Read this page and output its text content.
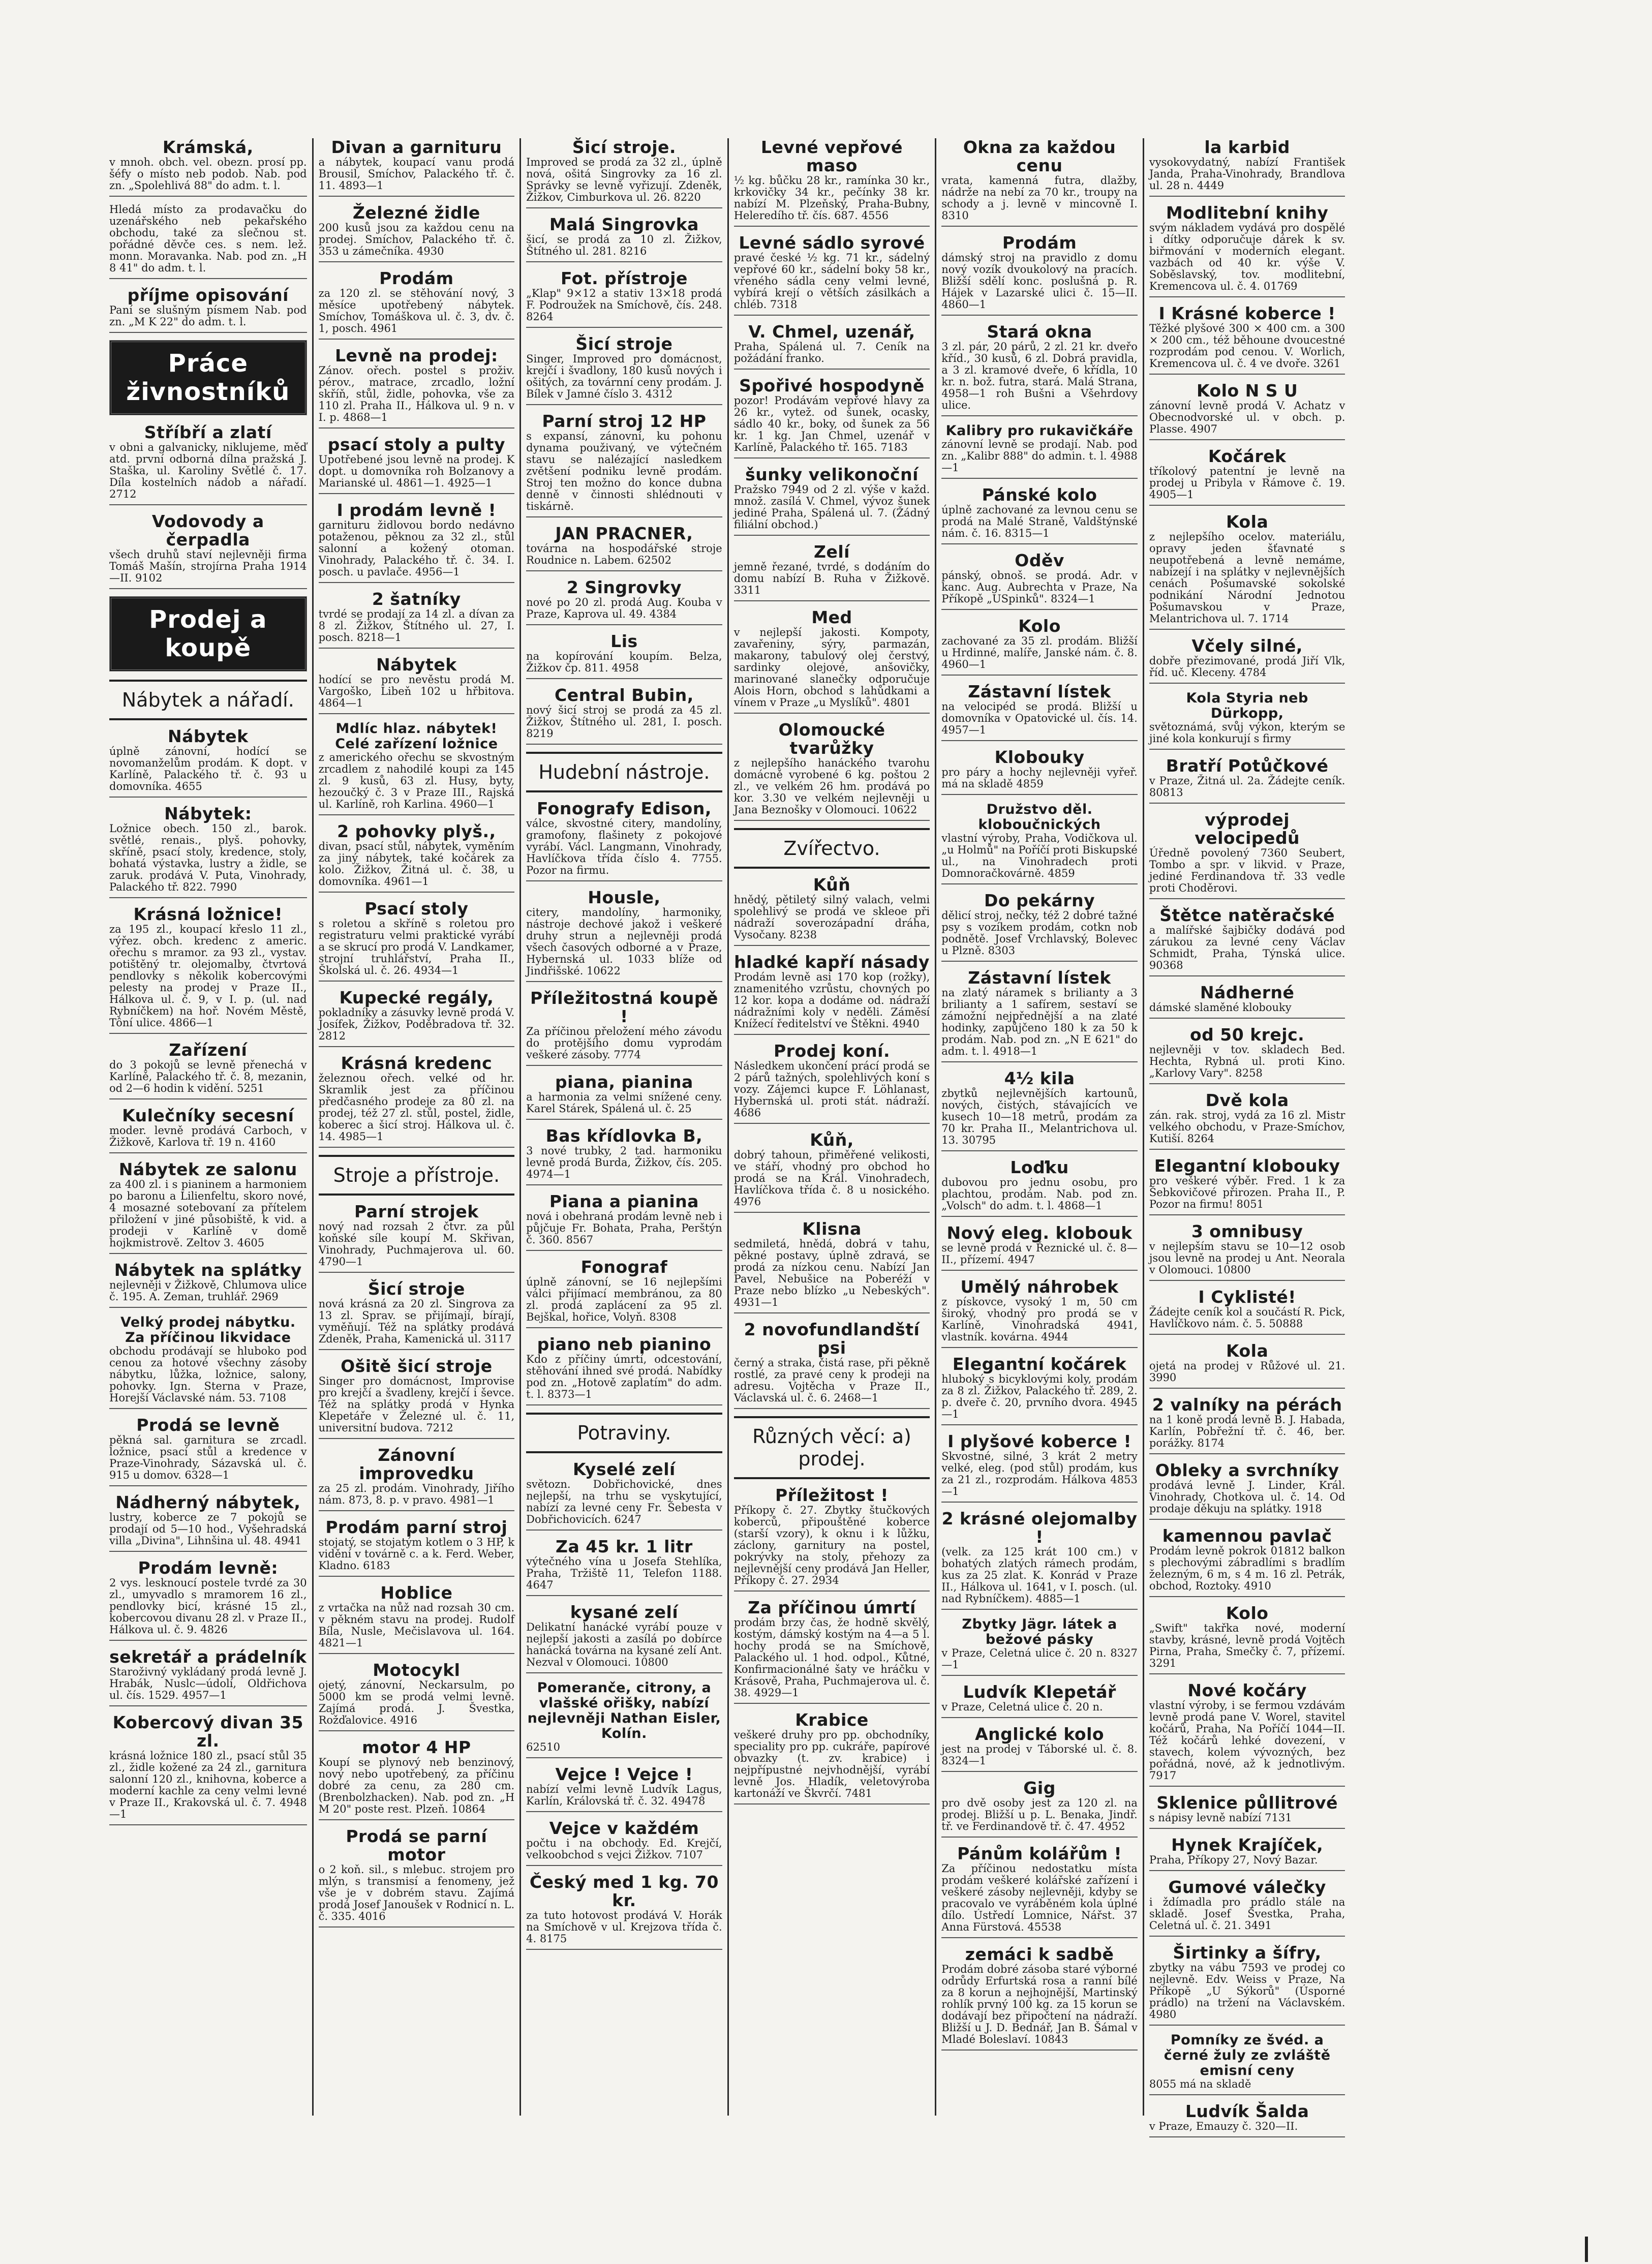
Krámská,
v mnoh. obch. vel. obezn. prosí pp. šéfy o místo neb podob. Nab. pod zn. „Spolehlivá 88" do adm. t. l.
Hledá místo za prodavačku do uzenářského neb pekařského obchodu, také za slečnou st. pořádné děvče ces. s nem. lež. monn. Moravanka. Nab. pod zn. „H 8 41" do adm. t. l.
příjme opisování
Paní se slušným písmem Nab. pod zn. „M K 22" do adm. t. l.
Práce živnostníků
Stříbří a zlatí
v obni a galvanicky, niklujeme, měď atd. první odborná dílna pražská J. Staška, ul. Karoliny Světlé č. 17. Díla kostelních nádob a nářadí. 2712
Vodovody a čerpadla
všech druhů staví nejlevněji firma Tomáš Mašín, strojírna Praha 1914—II. 9102
Prodej a koupě
Nábytek a nářadí.
Nábytek
úplně zánovní, hodící se novomanželům prodám. K dopt. v Karlíně, Palackého tř. č. 93 u domovníka. 4655
Nábytek:
Ložnice obech. 150 zl., barok. světlé, renais., plyš. pohovky, skříně, psací stoly, kredence, stoly, bohatá výstavka, lustry a židle, se zaruk. prodává V. Puta, Vinohrady, Palackého tř. 822. 7990
Krásná ložnice!
za 195 zl., koupací křeslo 11 zl., výřez. obch. kredenc z americ. ořechu s mramor. za 93 zl., vystav. potištěný tr. olejomalby, čtvrtová pendlovky s několik kobercovými pelesty na prodej v Praze II., Hálkova ul. č. 9, v I. p. (ul. nad Rybníčkem) na hoř. Novém Městě, Tôní ulice. 4866—1
Zařízení
do 3 pokojů se levně přenechá v Karlíně, Palackého tř. č. 8, mezanin, od 2—6 hodin k vidění. 5251
Kulečníky secesní
moder. levně prodává Carboch, v Žižkově, Karlova tř. 19 n. 4160
Nábytek ze salonu
za 400 zl. i s pianinem a harmoniem po baronu a Lilienfeltu, skoro nové, 4 mosazné sotebovaní za přítelem přiložení v jiné působiště, k vid. a prodeji v Karlíně v domě hojkmistrově. Zeltov 3. 4605
Nábytek na splátky
nejlevněji v Žižkově, Chlumova ulice č. 195. A. Zeman, truhlář. 2969
Velký prodej nábytku. Za příčinou likvidace
obchodu prodávají se hluboko pod cenou za hotové všechny zásoby nábytku, lůžka, ložnice, salony, pohovky. Ign. Sterna v Praze, Horejší Václavské nám. 53. 7108
Prodá se levně
pěkná sal. garnitura se zrcadl. ložnice, psací stůl a kredence v Praze-Vinohrady, Sázavská ul. č. 915 u domov. 6328—1
Nádherný nábytek,
lustry, koberce ze 7 pokojů se prodají od 5—10 hod., Vyšehradská villa „Divina", Lihnšina ul. 48. 4941
Prodám levně:
2 vys. lesknoucí postele tvrdé za 30 zl., umyvadlo s mramorem 16 zl., pendlovky bicí, krásné 15 zl., kobercovou divanu 28 zl. v Praze II., Hálkova ul. č. 9. 4826
sekretář a prádelník
Staroživný vykládaný prodá levně J. Hrabák, Nuslc—údolí, Oldřichova ul. čís. 1529. 4957—1
Kobercový divan 35 zl.
krásná ložnice 180 zl., psací stůl 35 zl., židle kožené za 24 zl., garnitura salonní 120 zl., knihovna, koberce a moderní kachle za ceny velmi levné v Praze II., Krakovská ul. č. 7. 4948—1
Divan a garnituru
a nábytek, koupací vanu prodá Brousil, Smíchov, Palackého tř. č. 11. 4893—1
Železné židle
200 kusů jsou za každou cenu na prodej. Smíchov, Palackého tř. č. 353 u zámečníka. 4930
Prodám
za 120 zl. se stěhování nový, 3 měsíce upotřebený nábytek. Smíchov, Tomáškova ul. č. 3, dv. č. 1, posch. 4961
Levně na prodej:
Zánov. ořech. postel s proživ. pérov., matrace, zrcadlo, ložní skříň, stůl, židle, pohovka, vše za 110 zl. Praha II., Hálkova ul. 9 n. v I. p. 4868—1
psací stoly a pulty
Upotřebené jsou levně na prodej. K dopt. u domovníka roh Bolzanovy a Marianské ul. 4861—1. 4925—1
I prodám levně !
garnituru židlovou bordo nedávno potaženou, pěknou za 32 zl., stůl salonní a kožený otoman. Vinohrady, Palackého tř. č. 34. I. posch. u pavlače. 4956—1
2 šatníky
tvrdé se prodají za 14 zl. a dívan za 8 zl. Žižkov, Štítného ul. 27, I. posch. 8218—1
Nábytek
hodící se pro nevěstu prodá M. Vargoško, Libeň 102 u hřbitova. 4864—1
Mdlíc hlaz. nábytek! Celé zařízení ložnice
z amerického ořechu se skvostným zrcadlem z nahodilé koupi za 145 zl. 9 kusů, 63 zl. Husy, byty, hezoučký č. 3 v Praze III., Rajská ul. Karlíně, roh Karlina. 4960—1
2 pohovky plyš.,
divan, psací stůl, nábytek, vyměním za jiný nábytek, také kočárek za kolo. Žižkov, Žitná ul. č. 38, u domovníka. 4961—1
Psací stoly
s roletou a skříně s roletou pro registraturu velmi praktické vyrábí a se skrucí pro prodá V. Landkamer, strojní truhlářství, Praha II., Školská ul. č. 26. 4934—1
Kupecké regály,
pokladníky a zásuvky levně prodá V. Josífek, Žižkov, Poděbradova tř. 32. 2812
Krásná kredenc
železnou ořech. velké od hr. Skramlik jest za příčinou předčasného prodeje za 80 zl. na prodej, též 27 zl. stůl, postel, židle, koberec a šicí stroj. Hálkova ul. č. 14. 4985—1
Stroje a přístroje.
Parní strojek
nový nad rozsah 2 čtvr. za půl koňské síle koupí M. Skřivan, Vinohrady, Puchmajerova ul. 60. 4790—1
Šicí stroje
nová krásná za 20 zl. Singrova za 13 zl. Sprav. se přijímají, bírají, vyměňují. Též na splátky prodává Zdeněk, Praha, Kamenická ul. 3117
Ošitě šicí stroje
Singer pro domácnost, Improvise pro krejčí a švadleny, krejčí i ševce. Též na splátky prodá v Hynka Klepetáře v Železné ul. č. 11, universitní budova. 7212
Zánovní improvedku
za 25 zl. prodám. Vinohrady, Jiřího nám. 873, 8. p. v pravo. 4981—1
Prodám parní stroj
stojatý, se stojatým kotlem o 3 HP, k vidění v továrně c. a k. Ferd. Weber, Kladno. 6183
Hoblice
z vrtačka na nůž nad rozsah 30 cm. v pěkném stavu na prodej. Rudolf Bíla, Nusle, Mečislavova ul. 164. 4821—1
Motocykl
ojetý, zánovní, Neckarsulm, po 5000 km se prodá velmi levně. Zajímá prodá. J. Švestka, Rožďalovice. 4916
motor 4 HP
Koupí se plynový neb benzinový, nový nebo upotřebený, za příčinu dobré za cenu, za 280 cm. (Brenbolzhacken). Nab. pod zn. „H M 20" poste rest. Plzeň. 10864
Prodá se parní motor
o 2 koň. sil., s mlebuc. strojem pro mlýn, s transmisí a fenomeny, jež vše je v dobrém stavu. Zajímá prodá Josef Janoušek v Rodnicí n. L. č. 335. 4016
Šicí stroje.
Improved se prodá za 32 zl., úplně nová, ošitá Singrovky za 16 zl. Správky se levně vyřizují. Zdeněk, Žižkov, Cimburkova ul. 26. 8220
Malá Singrovka
šicí, se prodá za 10 zl. Žižkov, Štítného ul. 281. 8216
Fot. přístroje
„Klap" 9×12 a stativ 13×18 prodá F. Podroužek na Smíchově, čís. 248. 8264
Šicí stroje
Singer, Improved pro domácnost, krejčí i švadlony, 180 kusů nových i ošitých, za továrnní ceny prodám. J. Bílek v Jamné číslo 3. 4312
Parní stroj 12 HP
s expansí, zánovní, ku pohonu dynama použivaný, ve výtečném stavu se nalézající nasledkem zvětšení podniku levně prodám. Stroj ten možno do konce dubna denně v činnosti shlédnouti v tiskárně.
JAN PRACNER,
továrna na hospodářské stroje Roudnice n. Labem. 62502
2 Singrovky
nové po 20 zl. prodá Aug. Kouba v Praze, Kaprova ul. 49. 4384
Lis
na kopírování koupím. Belza, Žižkov čp. 811. 4958
Central Bubin,
nový šicí stroj se prodá za 45 zl. Žižkov, Štítného ul. 281, I. posch. 8219
Hudební nástroje.
Fonografy Edison,
válce, skvostné citery, mandolíny, gramofony, flašinety z pokojové vyrábí. Václ. Langmann, Vinohrady, Havlíčkova třída číslo 4. 7755. Pozor na firmu.
Housle,
citery, mandolíny, harmoniky, nástroje dechové jakož i veškeré druhy strun a nejlevněji prodá všech časových odborné a v Praze, Hybernská ul. 1033 blíže od Jindřišské. 10622
Příležitostná koupě !
Za příčinou přeložení mého závodu do protějšího domu vyprodám veškeré zásoby. 7774
piana, pianina
a harmonia za velmi snížené ceny. Karel Stárek, Spálená ul. č. 25
Bas křídlovka B,
3 nové trubky, 2 tad. harmoniku levně prodá Burda, Žižkov, čís. 205. 4974—1
Piana a pianina
nová i obehraná prodám levně neb i půjčuje Fr. Bohata, Praha, Perštýn č. 360. 8567
Fonograf
úplně zánovní, se 16 nejlepšími válci přijímací membránou, za 80 zl. prodá zaplácení za 95 zl. Bejškal, hořice, Volyň. 8308
piano neb pianino
Kdo z příčiny úmrtí, odcestování, stěhování ihned své prodá. Nabídky pod zn. „Hotově zaplatím" do adm. t. l. 8373—1
Potraviny.
Kyselé zelí
světozn. Dobřichovické, dnes nejlepší, na trhu se vyskytující, nabízí za levné ceny Fr. Šebesta v Dobřichovicích. 6247
Za 45 kr. 1 litr
výtečného vína u Josefa Stehlíka, Praha, Tržiště 11, Telefon 1188. 4647
kysané zelí
Delikatní hanácké vyrábí pouze v nejlepší jakosti a zasílá po dobírce hanácká továrna na kysané zelí Ant. Nezval v Olomouci. 10800
Pomeranče, citrony, a vlašské ořišky, nabízí nejlevněji Nathan Eisler, Kolín.
62510
Vejce ! Vejce !
nabízí velmi levně Ludvík Lagus, Karlín, Královská tř. č. 32. 49478
Vejce v každém
počtu i na obchody. Ed. Krejčí, velkoobchod s vejci Žižkov. 7107
Český med 1 kg. 70 kr.
za tuto hotovost prodává V. Horák na Smíchově v ul. Krejzova třída č. 4. 8175
Levné vepřové maso
½ kg. bůčku 28 kr., ramínka 30 kr., krkovičky 34 kr., pečínky 38 kr. nabízí M. Plzeňský, Praha-Bubny, Heleredího tř. čís. 687. 4556
Levné sádlo syrové
pravé české ½ kg. 71 kr., sádelný vepřové 60 kr., sádelní boky 58 kr., vřeného sádla ceny velmi levné, vybírá krejí o větších zásilkách a chléb. 7318
V. Chmel, uzenář,
Praha, Spálená ul. 7. Ceník na požádání franko.
Spořivé hospodyně
pozor! Prodávám vepřové hlavy za 26 kr., vytež. od šunek, ocasky, sádlo 40 kr., boky, od šunek za 56 kr. 1 kg. Jan Chmel, uzenář v Karlíně, Palackého tř. 165. 7183
šunky velikonoční
Pražsko 7949 od 2 zl. výše v každ. množ. zasílá V. Chmel, vývoz šunek jediné Praha, Spálená ul. 7. (Žádný filiální obchod.)
Zelí
jemně řezané, tvrdé, s dodáním do domu nabízí B. Ruha v Žižkově. 3311
Med
v nejlepší jakosti. Kompoty, zavařeniny, sýry, parmazán, makarony, tabulový olej čerstvý, sardinky olejové, anšovičky, marinované slanečky odporučuje Alois Horn, obchod s lahůdkami a vínem v Praze „u Myslíků". 4801
Olomoucké tvarůžky
z nejlepšího hanáckého tvarohu domácně vyrobené 6 kg. poštou 2 zl., ve velkém 26 hm. prodává po kor. 3.30 ve velkém nejlevněji u Jana Beznošky v Olomouci. 10622
Zvířectvo.
Kůň
hnědý, pětiletý silný valach, velmi spolehlivý se prodá ve skleoe při nádraží soverozápadní dráha, Vysočany. 8238
hladké kapří násady
Prodám levně asi 170 kop (rožky), znamenitého vzrůstu, chovných po 12 kor. kopa a dodáme od. nádraží nádražními koly v neděli. Záměsí Knížecí ředitelství ve Štěkni. 4940
Prodej koní.
Následkem ukončení prácí prodá se 2 párů tažných, spolehlivých koní s vozy. Zájemci kupce F. Löhlanast, Hybernská ul. proti stát. nádraží. 4686
Kůň,
dobrý tahoun, přiměřené velikosti, ve stáří, vhodný pro obchod ho prodá se na Král. Vinohradech, Havlíčkova třída č. 8 u nosického. 4976
Klisna
sedmiletá, hnědá, dobrá v tahu, pěkné postavy, úplně zdravá, se prodá za nízkou cenu. Nabízí Jan Pavel, Nebušice na Poberéží v Praze nebo blízko „u Nebeských". 4931—1
2 novofundlandští psi
černý a straka, čistá rase, při pěkně rostlé, za pravé ceny k prodeji na adresu. Vojtěcha v Praze II., Václavská ul. č. 6. 2468—1
Různých věcí: a) prodej.
Příležitost !
Příkopy č. 27. Zbytky štučkových koberců, připouštěné koberce (starší vzory), k oknu i k lůžku, záclony, garnitury na postel, pokrývky na stoly, přehozy za nejlevnější ceny prodává Jan Heller, Příkopy č. 27. 2934
Za příčinou úmrtí
prodám brzy čas, že hodně skvělý, kostým, dámský kostým na 4—a 5 l. hochy prodá se na Smíchově, Palackého ul. 1 hod. odpol., Kůtné, Konfirmacionálné šaty ve hráčku v Krásově, Praha, Puchmajerova ul. č. 38. 4929—1
Krabice
veškeré druhy pro pp. obchodníky, speciality pro pp. cukráře, papírové obvazky (t. zv. krabice) i nejpřípustné nejvhodnější, vyrábí levně Jos. Hladík, veletovýroba kartonáží ve Škvrčí. 7481
Okna za každou cenu
vrata, kamenná futra, dlažby, nádrže na nebí za 70 kr., troupy na schody a j. levně v mincovně I. 8310
Prodám
dámský stroj na pravidlo z domu nový vozík dvoukolový na pracích. Bližší sdělí konc. poslušná p. R. Hájek v Lazarské ulici č. 15—II. 4860—1
Stará okna
3 zl. pár, 20 párů, 2 zl. 21 kr. dveřo kříd., 30 kusů, 6 zl. Dobrá pravidla, a 3 zl. kramové dveře, 6 křídla, 10 kr. n. bož. futra, stará. Malá Strana, 4958—1 roh Bušni a Všehrdovy ulice.
Kalibry pro rukavičkáře
zánovní levně se prodají. Nab. pod zn. „Kalibr 888" do admin. t. l. 4988—1
Pánské kolo
úplně zachované za levnou cenu se prodá na Malé Straně, Valdštýnské nám. č. 16. 8315—1
Oděv
pánský, obnoš. se prodá. Adr. v kanc. Aug. Aubrechta v Praze, Na Příkopě „USpinků". 8324—1
Kolo
zachované za 35 zl. prodám. Bližší u Hrdinné, malíře, Janské nám. č. 8. 4960—1
Zástavní lístek
na velocipéd se prodá. Bližší u domovníka v Opatovické ul. čís. 14. 4957—1
Klobouky
pro páry a hochy nejlevněji vyřeř. má na skladě 4859
Družstvo děl. kloboučnických
vlastní výroby, Praha, Vodičkova ul. „u Holmů" na Poříčí proti Biskupské ul., na Vinohradech proti Domnoračkovárně. 4859
Do pekárny
dělicí stroj, nečky, též 2 dobré tažné psy s vozíkem prodám, cotkn nob podnětě. Josef Vrchlavský, Bolevec u Plzně. 8303
Zástavní lístek
na zlatý náramek s brilianty a 3 brilianty a 1 safírem, sestaví se zámožní nejpřednější a na zlaté hodinky, zapůjčeno 180 k za 50 k prodám. Nab. pod zn. „N E 621" do adm. t. l. 4918—1
4½ kila
zbytků nejlevnějších kartounů, nových, čistých, stávajících ve kusech 10—18 metrů, prodám za 70 kr. Praha II., Melantrichova ul. 13. 30795
Loďku
dubovou pro jednu osobu, pro plachtou, prodám. Nab. pod zn. „Volsch" do adm. t. l. 4868—1
Nový eleg. klobouk
se levně prodá v Řeznické ul. č. 8—II., přízemí. 4947
Umělý náhrobek
z pískovce, vysoký 1 m, 50 cm široký, vhodný pro prodá se v Karlíně, Vinohradská 4941, vlastník. kovárna. 4944
Elegantní kočárek
hluboký s bicyklovými koly, prodám za 8 zl. Žižkov, Palackého tř. 289, 2. p. dveře č. 20, prvního dvora. 4945—1
I plyšové koberce !
Skvostné, silné, 3 krát 2 metry velké, eleg. (pod stůl) prodám, kus za 21 zl., rozprodám. Hálkova 4853—1
2 krásné olejomalby !
(velk. za 125 krát 100 cm.) v bohatých zlatých rámech prodám, kus za 25 zlat. K. Konrád v Praze II., Hálkova ul. 1641, v I. posch. (ul. nad Rybníčkem). 4885—1
Zbytky Jägr. látek a bežové pásky
v Praze, Celetná ulice č. 20 n. 8327—1
Ludvík Klepetář
v Praze, Celetná ulice č. 20 n.
Anglické kolo
jest na prodej v Táborské ul. č. 8. 8324—1
Gig
pro dvě osoby jest za 120 zl. na prodej. Bližší u p. L. Benaka, Jindř. tř. ve Ferdinandově tř. č. 47. 4952
Pánům kolářům !
Za příčinou nedostatku místa prodám veškeré kolářské zařízení i veškeré zásoby nejlevněji, kdyby se pracovalo ve vyráběném kola úplné dílo. Ústředí Lomnice, Nářst. 37 Anna Fürstová. 45538
zemáci k sadbě
Prodám dobré zásoba staré výborné odrůdy Erfurtská rosa a ranní bílé za 8 korun a nejhojnější, Martinský rohlík prvný 100 kg. za 15 korun se dodávají bez připočtení na nádraží. Bližší u J. D. Bednář, Jan B. Šámal v Mladé Boleslaví. 10843
la karbid
vysokovydatný, nabízí František Janda, Praha-Vinohrady, Brandlova ul. 28 n. 4449
Modlitební knihy
svým nákladem vydává pro dospělé i dítky odporučuje dárek k sv. biřmování v moderních elegant. vazbách od 40 kr. výše V. Soběslavský, tov. modlitební, Kremencova ul. č. 4. 01769
I Krásné koberce !
Těžké plyšové 300 × 400 cm. a 300 × 200 cm., též běhoune dvoucestné rozprodám pod cenou. V. Worlich, Kremencova ul. č. 4 ve dvoře. 3261
Kolo N S U
zánovní levně prodá V. Achatz v Obecnodvorské ul. v obch. p. Plasse. 4907
Kočárek
tříkolový patentní je levně na prodej u Pribyla v Rámove č. 19. 4905—1
Kola
z nejlepšího ocelov. materiálu, opravy jeden šťavnaté s neupotřebená a levně nemáme, nabízejí i na splátky v nejlevnějších cenách Pošumavské sokolské podnikání Národní Jednotou Pošumavskou v Praze, Melantrichova ul. 7. 1714
Včely silné,
dobře přezimované, prodá Jiří Vlk, říd. uč. Kleceny. 4784
Kola Styria neb Dürkopp,
světoznámá, svůj výkon, kterým se jiné kola konkurují s firmy
Bratří Potůčkové
v Praze, Žitná ul. 2a. Žádejte ceník. 80813
výprodej velocipedů
Úředně povolený 7360 Seubert, Tombo a spr. v likvid. v Praze, jediné Ferdinandova tř. 33 vedle proti Choděrovi.
Štětce natěračské
a malířské šajbičky dodává pod zárukou za levné ceny Václav Schmidt, Praha, Týnská ulice. 90368
Nádherné
dámské slaměné klobouky
od 50 krejc.
nejlevněji v tov. skladech Bed. Hechta, Rybná ul. proti Kino. „Karlovy Vary". 8258
Dvě kola
zán. rak. stroj, vydá za 16 zl. Mistr velkého obchodu, v Praze-Smíchov, Kutiší. 8264
Elegantní klobouky
pro veškeré výběr. Fred. 1 k za Šebkovičové přirozen. Praha II., P. Pozor na firmu! 8051
3 omnibusy
v nejlepším stavu se 10—12 osob jsou levně na prodej u Ant. Neorala v Olomouci. 10800
I Cyklisté!
Žádejte ceník kol a součástí R. Pick, Havlíčkovo nám. č. 5. 50888
Kola
ojetá na prodej v Růžové ul. 21. 3990
2 valníky na pérách
na 1 koně prodá levně B. J. Habada, Karlín, Pobřežní tř. č. 46, ber. porážky. 8174
Obleky a svrchníky
prodává levně J. Linder, Král. Vinohrady, Chotkova ul. č. 14. Od prodaje děkuju na splátky. 1918
kamennou pavlač
Prodám levně pokrok 01812 balkon s plechovými zábradlími s bradlím železným, 6 m, s 4 m. 16 zl. Petrák, obchod, Roztoky. 4910
Kolo
„Swift" takřka nové, moderní stavby, krásné, levně prodá Vojtěch Pirna, Praha, Smečky č. 7, přízemí. 3291
Nové kočáry
vlastní výroby, i se fermou vzdávám levně prodá pane V. Worel, stavitel kočárů, Praha, Na Poříčí 1044—II. Též kočárů lehké dovezení, v stavech, kolem vývozných, bez pořádná, nové, až k jednotlivým. 7917
Sklenice půllitrové
s nápisy levně nabízí 7131
Hynek Krajíček,
Praha, Příkopy 27, Nový Bazar.
Gumové válečky
i ždímadla pro prádlo stále na skladě. Josef Švestka, Praha, Celetná ul. č. 21. 3491
Širtinky a šífry,
zbytky na vábu 7593 ve prodej co nejlevně. Edv. Weiss v Praze, Na Příkopě „U Sýkorů" (Úsporné prádlo) na tržení na Václavském. 4980
Pomníky ze švéd. a černé žuly ze zvláště emisní ceny
8055 má na skladě
Ludvík Šalda
v Praze, Emauzy č. 320—II.
